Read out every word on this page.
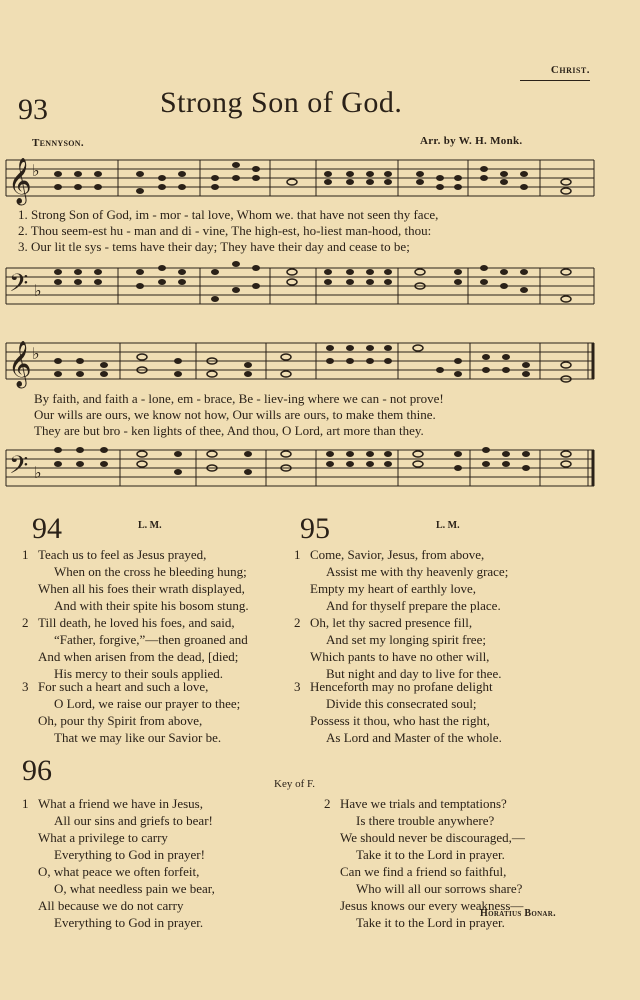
Christ.
93	Strong Son of God.
Tennyson.	Arr. by W. H. Monk.
𝄞 ♭
1. Strong Son of God, im - mor - tal love, Whom we. that have not seen thy face,
2. Thou seem-est hu - man and di - vine, The high-est, ho-liest man-hood, thou:
3. Our lit tle sys - tems have their day; They have their day and cease to be;
𝄢 ♭
𝄞 ♭
By faith, and faith a - lone, em - brace, Be - liev-ing where we can - not prove!
Our wills are ours, we know not how, Our wills are ours, to make them thine.
They are but bro - ken lights of thee, And thou, O Lord, art more than they.
𝄢 ♭
94	L. M.
1 Teach us to feel as Jesus prayed,
When on the cross he bleeding hung;
When all his foes their wrath displayed,
And with their spite his bosom stung.
2 Till death, he loved his foes, and said,
“Father, forgive,”—then groaned and
And when arisen from the dead, [died;
His mercy to their souls applied.
3 For such a heart and such a love,
O Lord, we raise our prayer to thee;
Oh, pour thy Spirit from above,
That we may like our Savior be.
95	L. M.
1 Come, Savior, Jesus, from above,
Assist me with thy heavenly grace;
Empty my heart of earthly love,
And for thyself prepare the place.
2 Oh, let thy sacred presence fill,
And set my longing spirit free;
Which pants to have no other will,
But night and day to live for thee.
3 Henceforth may no profane delight
Divide this consecrated soul;
Possess it thou, who hast the right,
As Lord and Master of the whole.
96	Key of F.
1 What a friend we have in Jesus,
All our sins and griefs to bear!
What a privilege to carry
Everything to God in prayer!
O, what peace we often forfeit,
O, what needless pain we bear,
All because we do not carry
Everything to God in prayer.
2 Have we trials and temptations?
Is there trouble anywhere?
We should never be discouraged,—
Take it to the Lord in prayer.
Can we find a friend so faithful,
Who will all our sorrows share?
Jesus knows our every weakness—
Take it to the Lord in prayer.
Horatius Bonar.
